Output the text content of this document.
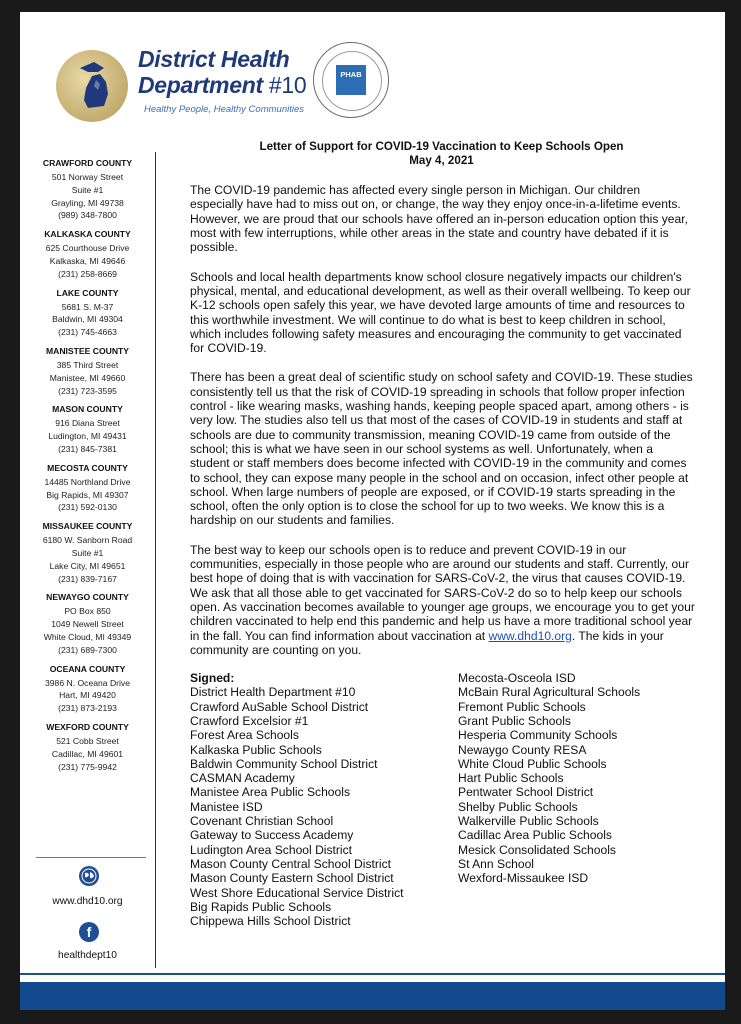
District Health
Department #10
Healthy People, Healthy Communities
PHAB
CRAWFORD COUNTY
501 Norway Street
Suite #1
Grayling, MI 49738
(989) 348-7800
KALKASKA COUNTY
625 Courthouse Drive
Kalkaska, MI 49646
(231) 258-8669
LAKE COUNTY
5681 S. M-37
Baldwin, MI 49304
(231) 745-4663
MANISTEE COUNTY
385 Third Street
Manistee, MI 49660
(231) 723-3595
MASON COUNTY
916 Diana Street
Ludington, MI 49431
(231) 845-7381
MECOSTA COUNTY
14485 Northland Drive
Big Rapids, MI 49307
(231) 592-0130
MISSAUKEE COUNTY
6180 W. Sanborn Road
Suite #1
Lake City, MI 49651
(231) 839-7167
NEWAYGO COUNTY
PO Box 850
1049 Newell Street
White Cloud, MI 49349
(231) 689-7300
OCEANA COUNTY
3986 N. Oceana Drive
Hart, MI 49420
(231) 873-2193
WEXFORD COUNTY
521 Cobb Street
Cadillac, MI 49601
(231) 775-9942
www.dhd10.org
f
healthdept10
Letter of Support for COVID-19 Vaccination to Keep Schools Open
May 4, 2021

The COVID-19 pandemic has affected every single person in Michigan. Our children especially have had to miss out on, or change, the way they enjoy once-in-a-lifetime events. However, we are proud that our schools have offered an in-person education option this year, most with few interruptions, while other areas in the state and country have debated if it is possible.

Schools and local health departments know school closure negatively impacts our children's physical, mental, and educational development, as well as their overall wellbeing. To keep our K-12 schools open safely this year, we have devoted large amounts of time and resources to this worthwhile investment. We will continue to do what is best to keep children in school, which includes following safety measures and encouraging the community to get vaccinated for COVID-19.

There has been a great deal of scientific study on school safety and COVID-19. These studies consistently tell us that the risk of COVID-19 spreading in schools that follow proper infection control - like wearing masks, washing hands, keeping people spaced apart, among others - is very low. The studies also tell us that most of the cases of COVID-19 in students and staff at schools are due to community transmission, meaning COVID-19 came from outside of the school; this is what we have seen in our school systems as well. Unfortunately, when a student or staff members does become infected with COVID-19 in the community and comes to school, they can expose many people in the school and on occasion, infect other people at school. When large numbers of people are exposed, or if COVID-19 starts spreading in the school, often the only option is to close the school for up to two weeks. We know this is a hardship on our students and families.

The best way to keep our schools open is to reduce and prevent COVID-19 in our communities, especially in those people who are around our students and staff. Currently, our best hope of doing that is with vaccination for SARS-CoV-2, the virus that causes COVID-19. We ask that all those able to get vaccinated for SARS-CoV-2 do so to help keep our schools open. As vaccination becomes available to younger age groups, we encourage you to get your children vaccinated to help end this pandemic and help us have a more traditional school year in the fall. You can find information about vaccination at www.dhd10.org. The kids in your community are counting on you.

Signed:
District Health Department #10
Crawford AuSable School District
Crawford Excelsior #1
Forest Area Schools
Kalkaska Public Schools
Baldwin Community School District
CASMAN Academy
Manistee Area Public Schools
Manistee ISD
Covenant Christian School
Gateway to Success Academy
Ludington Area School District
Mason County Central School District
Mason County Eastern School District
West Shore Educational Service District
Big Rapids Public Schools
Chippewa Hills School District
Mecosta-Osceola ISD
McBain Rural Agricultural Schools
Fremont Public Schools
Grant Public Schools
Hesperia Community Schools
Newaygo County RESA
White Cloud Public Schools
Hart Public Schools
Pentwater School District
Shelby Public Schools
Walkerville Public Schools
Cadillac Area Public Schools
Mesick Consolidated Schools
St Ann School
Wexford-Missaukee ISD
